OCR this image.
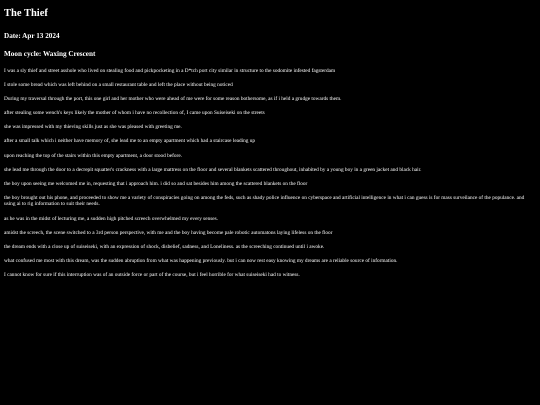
The Thief
Date: Apr 13 2024
Moon cycle: Waxing Crescent

I was a sly thief and street asshole who lived on stealing food and pickpocketing in a D*tch port city similar in structure to the sodomite infested fagsterdam

I stole some bread which was left behind on a small restaurant table and left the place without being noticed

During my traversal through the port, this one girl and her mother who were ahead of me were for some reason bothersome, as if i held a grudge towards them.

after stealing some wench's keys likely the mother of whom i have no recollection of, I came upon Suiseiseki on the streets

she was impressed with my thieving skills just as she was pleased with greeting me.

after a small talk which i neither have memory of, she lead me to an empty apartment which had a staircase leading up

upon reaching the top of the stairs within this empty apartment, a door stood before.

she lead me through the door to a decrepit squatter's crackness with a large mattress on the floor and several blankets scattered throughout, inhabited by a young boy in a green jacket and black hair.

the boy upon seeing me welcomed me in, requesting that i approach him. i did so and sat besides him among the scattered blankets on the floor

the boy brought out his phone, and proceeded to show me a variety of conspiracies going on among the feds, such as shady police influence on cyberspace and artificial intelligence in what i can guess is for mass surveilance of the populance. and using ai to rig information to suit their needs.

as he was in the midst of lecturing me, a sudden high pitched screech overwhelmed my every senses.

amidst the screech, the scene switched to a 3rd person perspective, with me and the boy having become pale robotic automatons laying lifeless on the floor

the dream ends with a close up of suiseiseki, with an expression of shock, disbelief, sadness, and Loneliness. as the screeching continued until i awoke.

what confused me most with this dream, was the sudden abruption from what was happening previously. but i can now rest easy knowing my dreams are a reliable source of information.

I cannot know for sure if this interruption was of an outside force or part of the course, but i feel horrible for what suiseiseki had to witness.
